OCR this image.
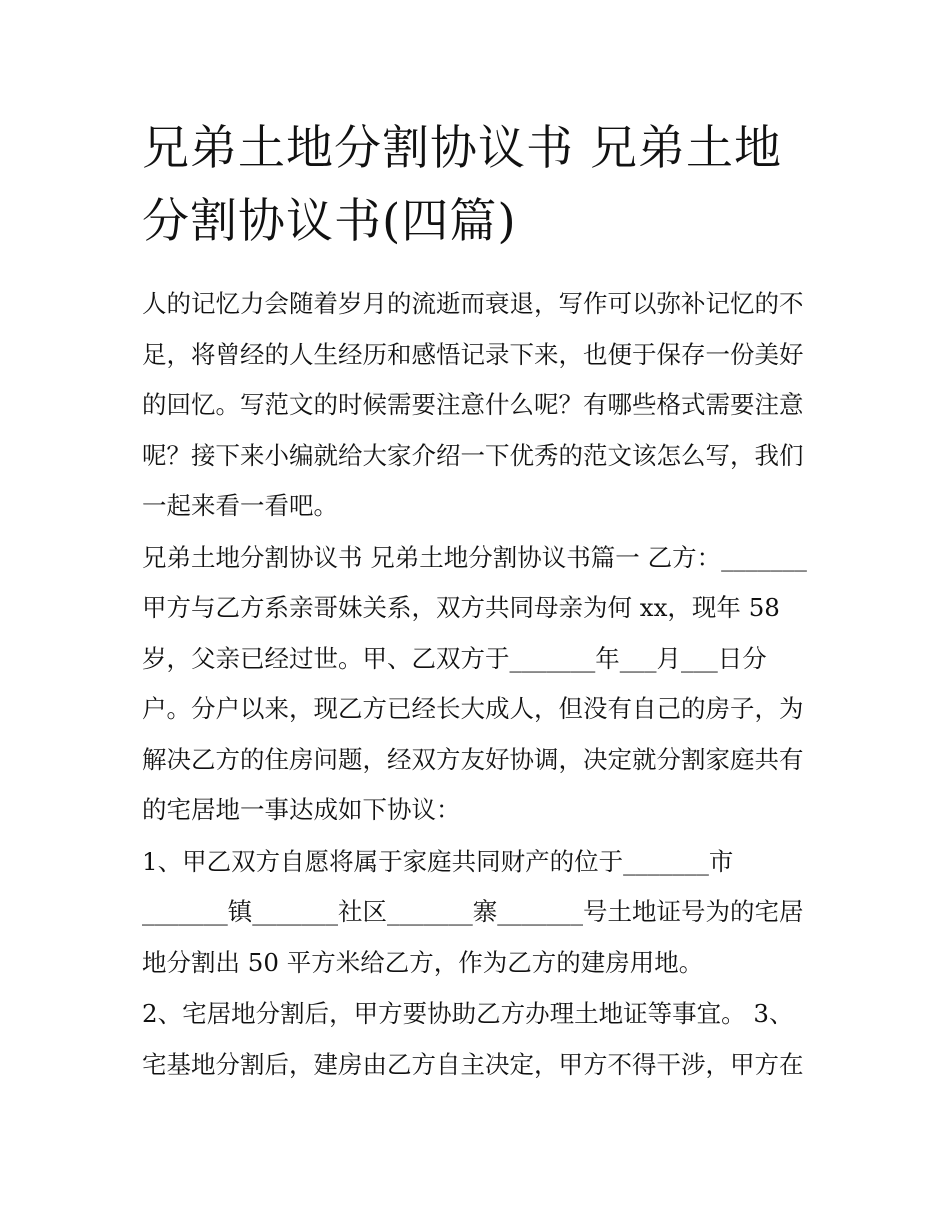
兄弟土地分割协议书 兄弟土地
分割协议书(四篇)
人的记忆力会随着岁月的流逝而衰退，写作可以弥补记忆的不
足，将曾经的人生经历和感悟记录下来，也便于保存一份美好
的回忆。写范文的时候需要注意什么呢？有哪些格式需要注意
呢？接下来小编就给大家介绍一下优秀的范文该怎么写，我们
一起来看一看吧。
兄弟土地分割协议书 兄弟土地分割协议书篇一 乙方：_______
甲方与乙方系亲哥妹关系，双方共同母亲为何 xx，现年 58
岁，父亲已经过世。甲、乙双方于_______年___月___日分
户。分户以来，现乙方已经长大成人，但没有自己的房子，为
解决乙方的住房问题，经双方友好协调，决定就分割家庭共有
的宅居地一事达成如下协议：
1、甲乙双方自愿将属于家庭共同财产的位于_______市
_______镇_______社区_______寨_______号土地证号为的宅居
地分割出 50 平方米给乙方，作为乙方的建房用地。
2、宅居地分割后，甲方要协助乙方办理土地证等事宜。 3、
宅基地分割后，建房由乙方自主决定，甲方不得干涉，甲方在
